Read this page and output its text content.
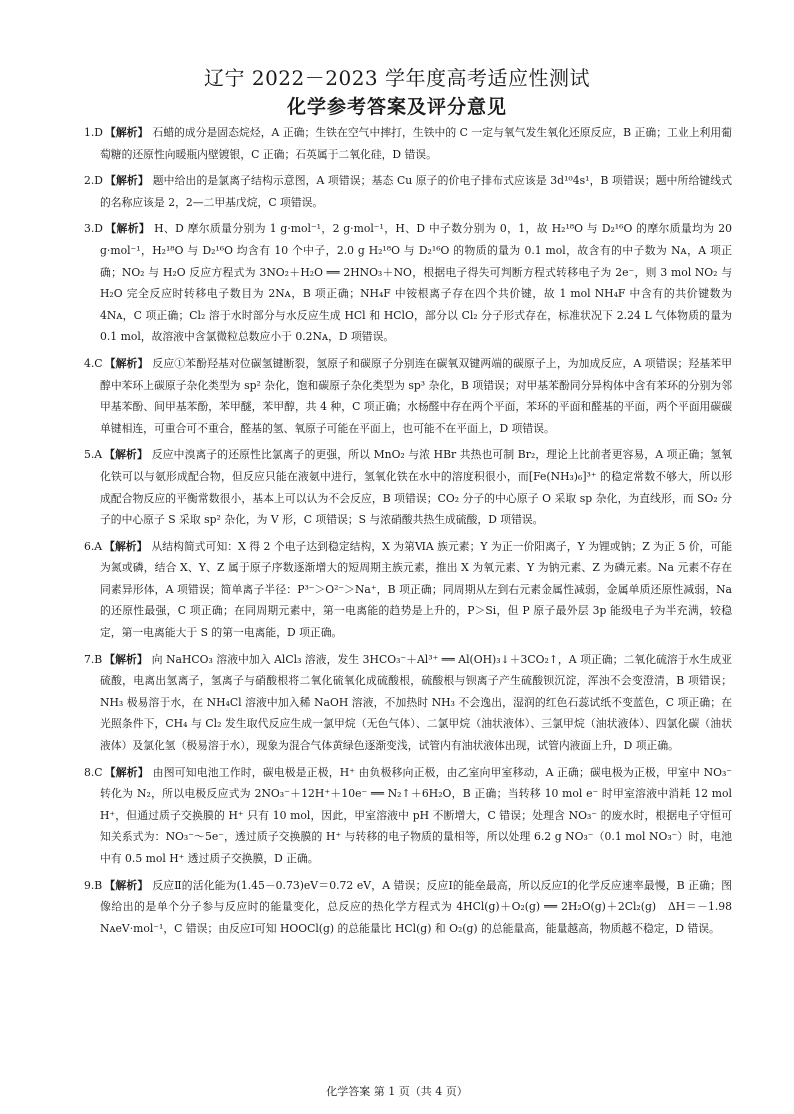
辽宁 2022－2023 学年度高考适应性测试
化学参考答案及评分意见

1.D 【解析】 石蜡的成分是固态烷烃，A 正确；生铁在空气中摔打，生铁中的 C 一定与氧气发生氧化还原反应，B 正确；工业上利用葡萄糖的还原性向暖瓶内壁镀银，C 正确；石英属于二氧化硅，D 错误。

2.D 【解析】 题中给出的是氯离子结构示意图，A 项错误；基态 Cu 原子的价电子排布式应该是 3d¹⁰4s¹，B 项错误；题中所给键线式的名称应该是 2，2—二甲基戊烷，C 项错误。

3.D 【解析】 H、D 摩尔质量分别为 1 g·mol⁻¹，2 g·mol⁻¹，H、D 中子数分别为 0，1，故 H₂¹⁸O 与 D₂¹⁶O 的摩尔质量均为 20 g·mol⁻¹，H₂¹⁸O 与 D₂¹⁶O 均含有 10 个中子，2.0 g H₂¹⁸O 与 D₂¹⁶O 的物质的量为 0.1 mol，故含有的中子数为 Nᴀ，A 项正确；NO₂ 与 H₂O 反应方程式为 3NO₂＋H₂O ══ 2HNO₃＋NO，根据电子得失可判断方程式转移电子为 2e⁻，则 3 mol NO₂ 与 H₂O 完全反应时转移电子数目为 2Nᴀ，B 项正确；NH₄F 中铵根离子存在四个共价键，故 1 mol NH₄F 中含有的共价键数为 4Nᴀ，C 项正确；Cl₂ 溶于水时部分与水反应生成 HCl 和 HClO，部分以 Cl₂ 分子形式存在，标准状况下 2.24 L 气体物质的量为 0.1 mol，故溶液中含氯微粒总数应小于 0.2Nᴀ，D 项错误。

4.C 【解析】 反应①苯酚羟基对位碳氢键断裂，氢原子和碳原子分别连在碳氧双键两端的碳原子上，为加成反应，A 项错误；羟基苯甲醇中苯环上碳原子杂化类型为 sp² 杂化，饱和碳原子杂化类型为 sp³ 杂化，B 项错误；对甲基苯酚同分异构体中含有苯环的分别为邻甲基苯酚、间甲基苯酚，苯甲醚，苯甲醇，共 4 种，C 项正确；水杨醛中存在两个平面，苯环的平面和醛基的平面，两个平面用碳碳单键相连，可重合可不重合，醛基的氢、氧原子可能在平面上，也可能不在平面上，D 项错误。

5.A 【解析】 反应中溴离子的还原性比氯离子的更强，所以 MnO₂ 与浓 HBr 共热也可制 Br₂，理论上比前者更容易，A 项正确；氢氧化铁可以与氨形成配合物，但反应只能在液氨中进行，氢氧化铁在水中的溶度积很小，而[Fe(NH₃)₆]³⁺ 的稳定常数不够大，所以形成配合物反应的平衡常数很小，基本上可以认为不会反应，B 项错误；CO₂ 分子的中心原子 O 采取 sp 杂化，为直线形，而 SO₂ 分子的中心原子 S 采取 sp² 杂化，为 V 形，C 项错误；S 与浓硝酸共热生成硫酸，D 项错误。

6.A 【解析】 从结构简式可知：X 得 2 个电子达到稳定结构，X 为第ⅥA 族元素；Y 为正一价阳离子，Y 为锂或钠；Z 为正 5 价，可能为氮或磷，结合 X、Y、Z 属于原子序数逐渐增大的短周期主族元素，推出 X 为氧元素、Y 为钠元素、Z 为磷元素。Na 元素不存在同素异形体，A 项错误；简单离子半径：P³⁻＞O²⁻＞Na⁺，B 项正确；同周期从左到右元素金属性减弱，金属单质还原性减弱，Na 的还原性最强，C 项正确；在同周期元素中，第一电离能的趋势是上升的，P＞Si，但 P 原子最外层 3p 能级电子为半充满，较稳定，第一电离能大于 S 的第一电离能，D 项正确。

7.B 【解析】 向 NaHCO₃ 溶液中加入 AlCl₃ 溶液，发生 3HCO₃⁻＋Al³⁺ ══ Al(OH)₃↓＋3CO₂↑，A 项正确；二氧化硫溶于水生成亚硫酸，电离出氢离子，氢离子与硝酸根将二氧化硫氧化成硫酸根，硫酸根与钡离子产生硫酸钡沉淀，浑浊不会变澄清，B 项错误；NH₃ 极易溶于水，在 NH₄Cl 溶液中加入稀 NaOH 溶液，不加热时 NH₃ 不会逸出，湿润的红色石蕊试纸不变蓝色，C 项正确；在光照条件下，CH₄ 与 Cl₂ 发生取代反应生成一氯甲烷（无色气体）、二氯甲烷（油状液体）、三氯甲烷（油状液体）、四氯化碳（油状液体）及氯化氢（极易溶于水），现象为混合气体黄绿色逐渐变浅，试管内有油状液体出现，试管内液面上升，D 项正确。

8.C 【解析】 由图可知电池工作时，碳电极是正极，H⁺ 由负极移向正极，由乙室向甲室移动，A 正确；碳电极为正极，甲室中 NO₃⁻ 转化为 N₂，所以电极反应式为 2NO₃⁻＋12H⁺＋10e⁻ ══ N₂↑＋6H₂O，B 正确；当转移 10 mol e⁻ 时甲室溶液中消耗 12 mol H⁺，但通过质子交换膜的 H⁺ 只有 10 mol，因此，甲室溶液中 pH 不断增大，C 错误；处理含 NO₃⁻ 的废水时，根据电子守恒可知关系式为：NO₃⁻～5e⁻，透过质子交换膜的 H⁺ 与转移的电子物质的量相等，所以处理 6.2 g NO₃⁻（0.1 mol NO₃⁻）时，电池中有 0.5 mol H⁺ 透过质子交换膜，D 正确。

9.B 【解析】 反应Ⅱ的活化能为(1.45－0.73)eV＝0.72 eV，A 错误；反应Ⅰ的能垒最高，所以反应Ⅰ的化学反应速率最慢，B 正确；图像给出的是单个分子参与反应时的能量变化，总反应的热化学方程式为 4HCl(g)＋O₂(g) ══ 2H₂O(g)＋2Cl₂(g)　ΔH＝－1.98 NᴀeV·mol⁻¹，C 错误；由反应Ⅰ可知 HOOCl(g) 的总能量比 HCl(g) 和 O₂(g) 的总能量高，能量越高，物质越不稳定，D 错误。

化学答案 第 1 页（共 4 页）
